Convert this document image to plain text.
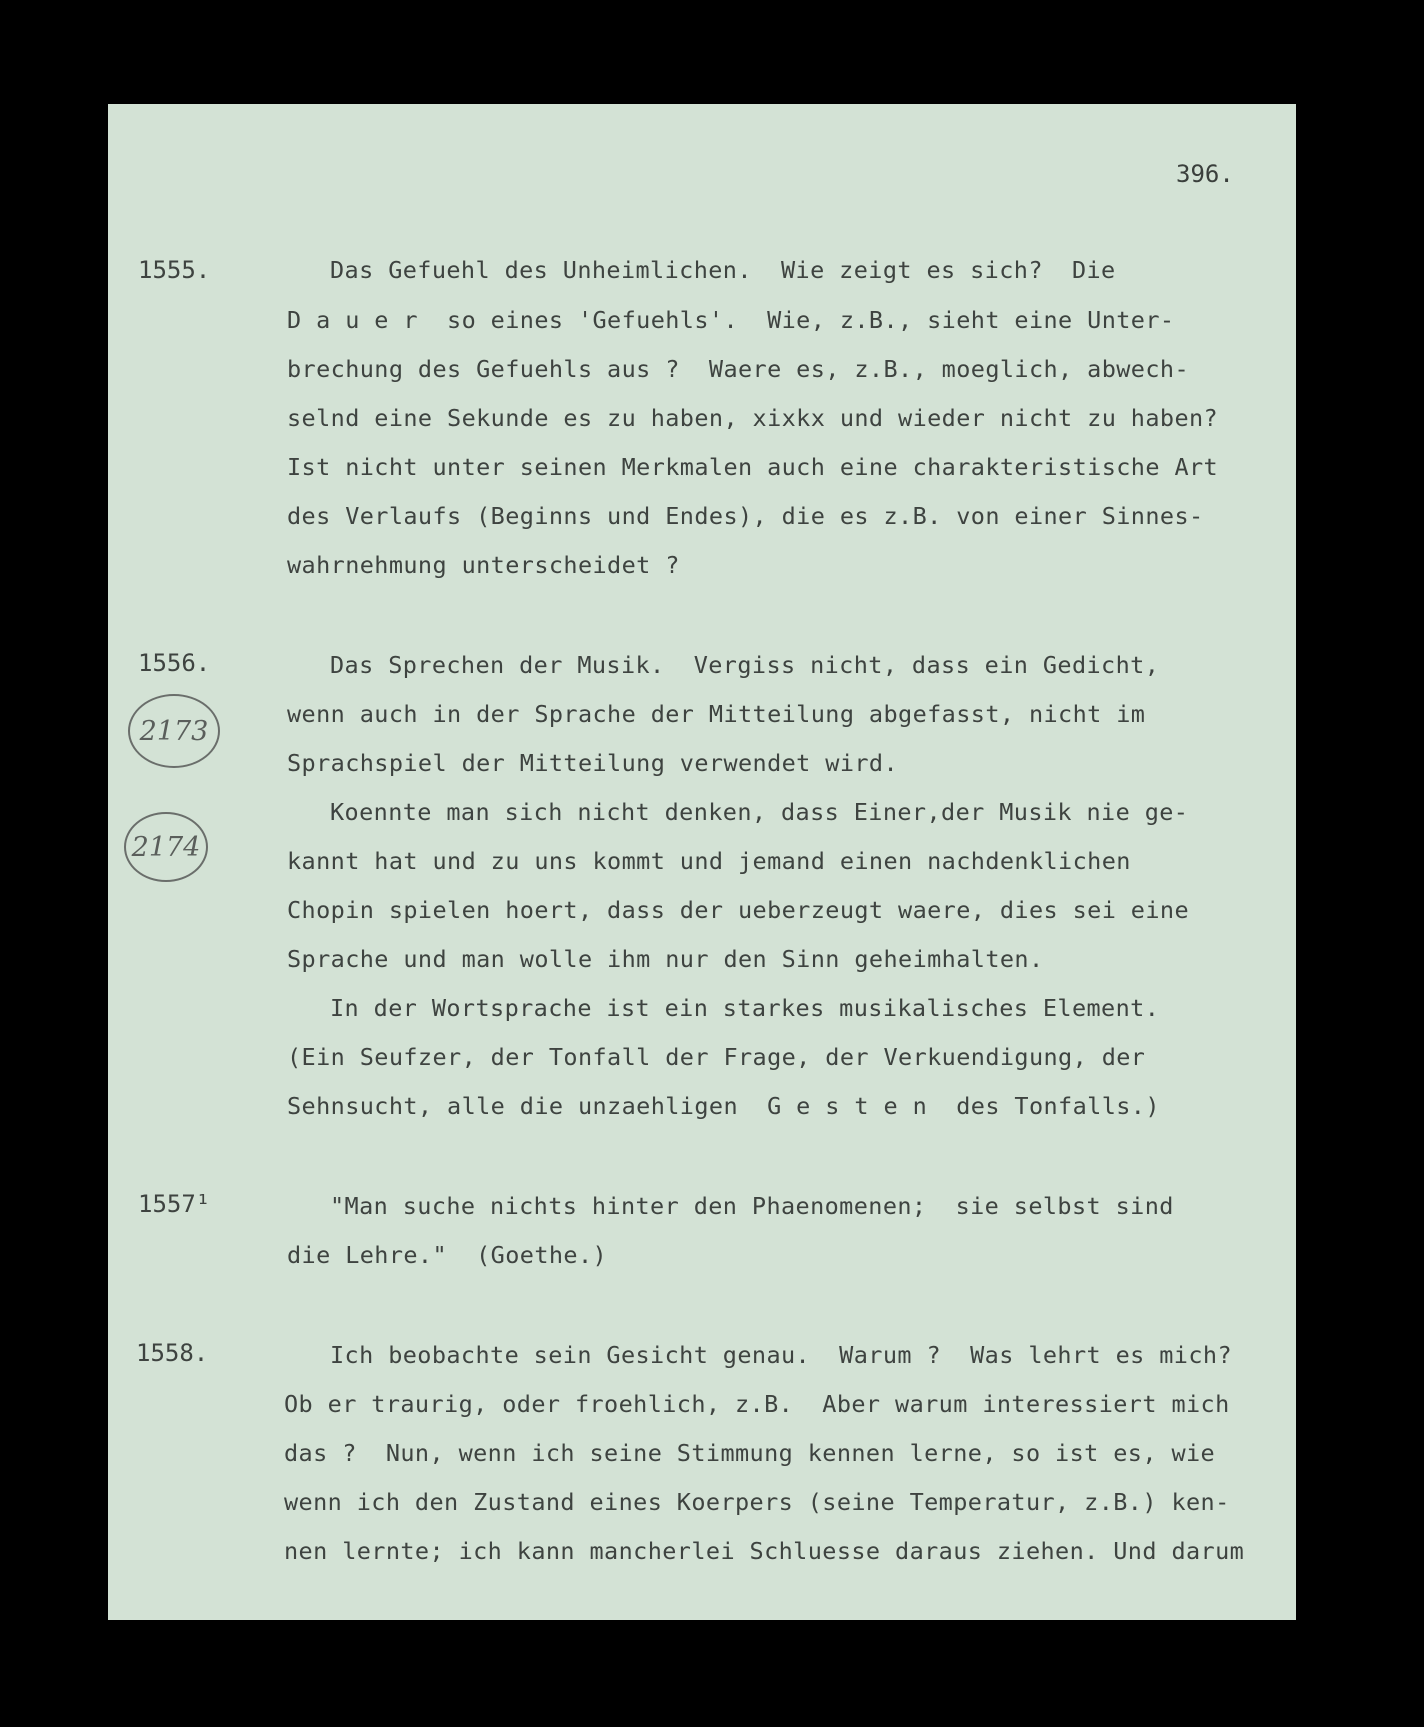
396.
1555.	Das Gefuehl des Unheimlichen.  Wie zeigt es sich?  Die
D a u e r  so eines 'Gefuehls'.  Wie, z.B., sieht eine Unter-
brechung des Gefuehls aus ?  Waere es, z.B., moeglich, abwech-
selnd eine Sekunde es zu haben, xixkx und wieder nicht zu haben?
Ist nicht unter seinen Merkmalen auch eine charakteristische Art
des Verlaufs (Beginns und Endes), die es z.B. von einer Sinnes-
wahrnehmung unterscheidet ?
1556.
2173
2174
Das Sprechen der Musik.  Vergiss nicht, dass ein Gedicht,
wenn auch in der Sprache der Mitteilung abgefasst, nicht im
Sprachspiel der Mitteilung verwendet wird.
Koennte man sich nicht denken, dass Einer,der Musik nie ge-
kannt hat und zu uns kommt und jemand einen nachdenklichen
Chopin spielen hoert, dass der ueberzeugt waere, dies sei eine
Sprache und man wolle ihm nur den Sinn geheimhalten.
In der Wortsprache ist ein starkes musikalisches Element.
(Ein Seufzer, der Tonfall der Frage, der Verkuendigung, der
Sehnsucht, alle die unzaehligen  G e s t e n  des Tonfalls.)
1557¹	"Man suche nichts hinter den Phaenomenen;  sie selbst sind
die Lehre."  (Goethe.)
1558.	Ich beobachte sein Gesicht genau.  Warum ?  Was lehrt es mich?
Ob er traurig, oder froehlich, z.B.  Aber warum interessiert mich
das ?  Nun, wenn ich seine Stimmung kennen lerne, so ist es, wie
wenn ich den Zustand eines Koerpers (seine Temperatur, z.B.) ken-
nen lernte; ich kann mancherlei Schluesse daraus ziehen. Und darum
